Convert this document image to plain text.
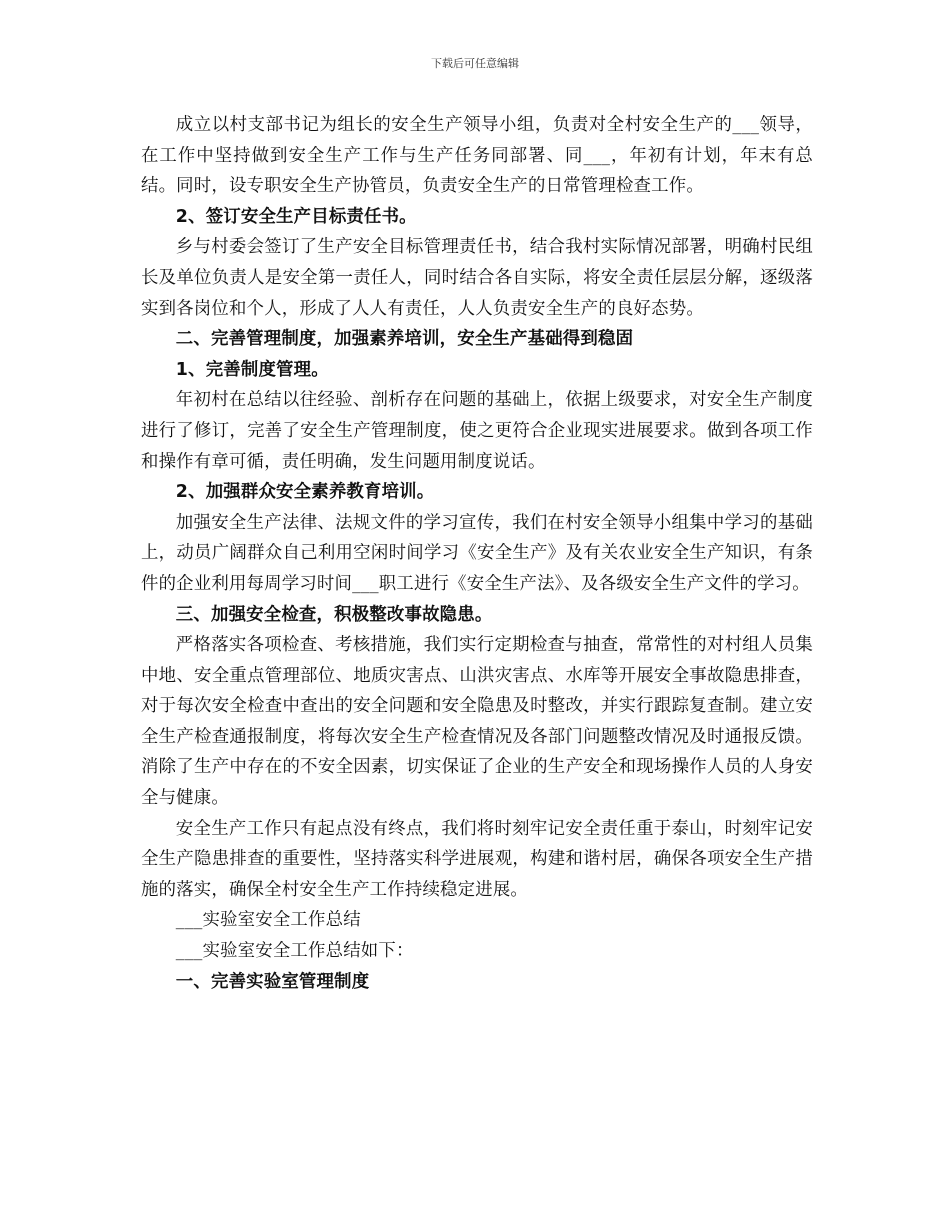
下载后可任意编辑

成立以村支部书记为组长的安全生产领导小组，负责对全村安全生产的___领导，在工作中坚持做到安全生产工作与生产任务同部署、同___，年初有计划，年末有总结。同时，设专职安全生产协管员，负责安全生产的日常管理检查工作。

2、签订安全生产目标责任书。

乡与村委会签订了生产安全目标管理责任书，结合我村实际情况部署，明确村民组长及单位负责人是安全第一责任人，同时结合各自实际，将安全责任层层分解，逐级落实到各岗位和个人，形成了人人有责任，人人负责安全生产的良好态势。

二、完善管理制度，加强素养培训，安全生产基础得到稳固

1、完善制度管理。

年初村在总结以往经验、剖析存在问题的基础上，依据上级要求，对安全生产制度进行了修订，完善了安全生产管理制度，使之更符合企业现实进展要求。做到各项工作和操作有章可循，责任明确，发生问题用制度说话。

2、加强群众安全素养教育培训。

加强安全生产法律、法规文件的学习宣传，我们在村安全领导小组集中学习的基础上，动员广阔群众自己利用空闲时间学习《安全生产》及有关农业安全生产知识，有条件的企业利用每周学习时间___职工进行《安全生产法》、及各级安全生产文件的学习。

三、加强安全检查，积极整改事故隐患。

严格落实各项检查、考核措施，我们实行定期检查与抽查，常常性的对村组人员集中地、安全重点管理部位、地质灾害点、山洪灾害点、水库等开展安全事故隐患排查，对于每次安全检查中查出的安全问题和安全隐患及时整改，并实行跟踪复查制。建立安全生产检查通报制度，将每次安全生产检查情况及各部门问题整改情况及时通报反馈。消除了生产中存在的不安全因素，切实保证了企业的生产安全和现场操作人员的人身安全与健康。

安全生产工作只有起点没有终点，我们将时刻牢记安全责任重于泰山，时刻牢记安全生产隐患排查的重要性，坚持落实科学进展观，构建和谐村居，确保各项安全生产措施的落实，确保全村安全生产工作持续稳定进展。

___实验室安全工作总结

___实验室安全工作总结如下：

一、完善实验室管理制度
